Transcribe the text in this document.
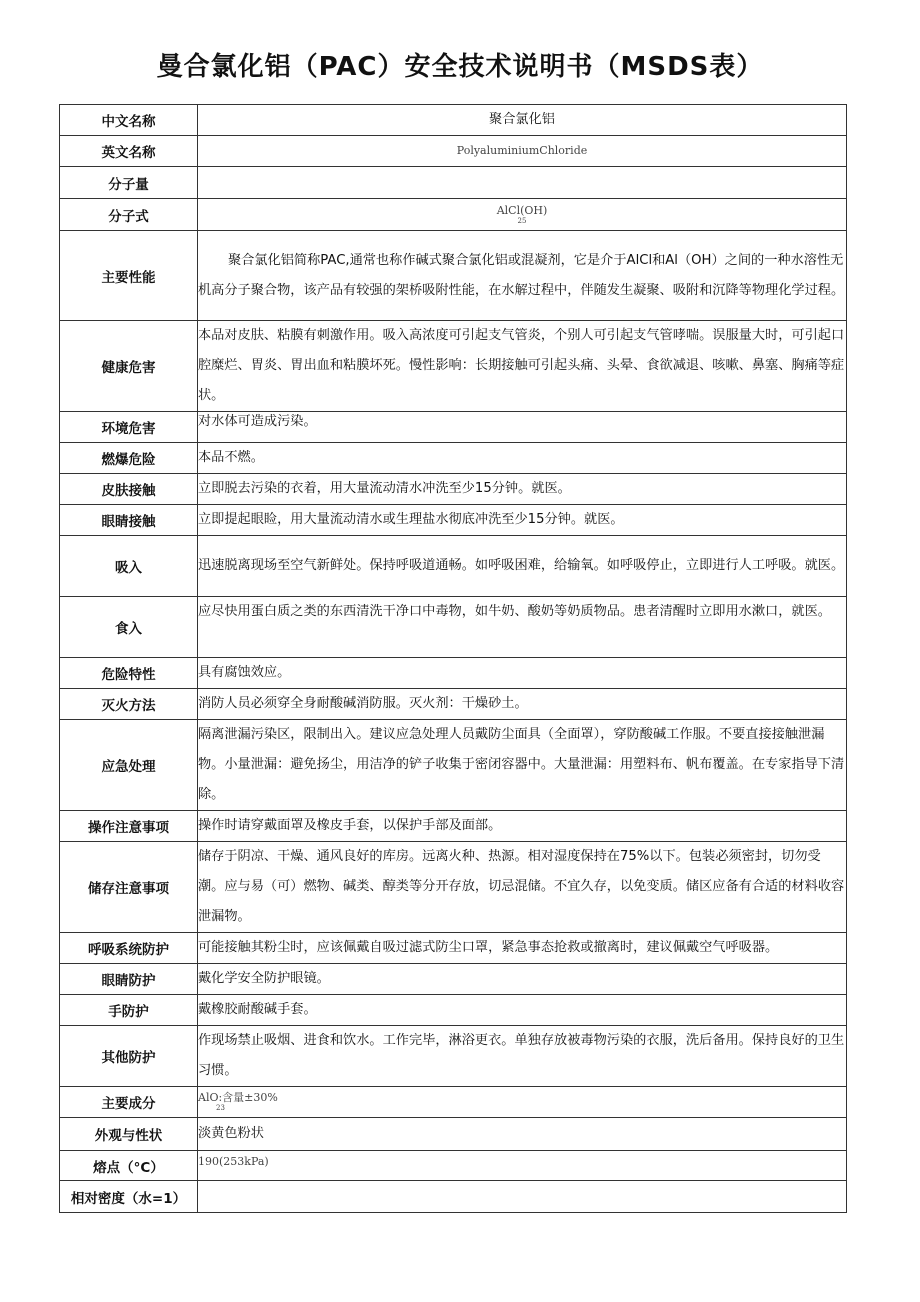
曼合氯化铝（PAC）安全技术说明书（MSDS表）
中文名称	聚合氯化铝
英文名称	PolyaluminiumChloride
分子量	
分子式	AlCl(OH)
25

主要性能	聚合氯化铝简称PAC,通常也称作碱式聚合氯化铝或混凝剂，它是介于AlCl和Al（OH）之间的一种水溶性无机高分子聚合物，该产品有较强的架桥吸附性能，在水解过程中，伴随发生凝聚、吸附和沉降等物理化学过程。
健康危害	本品对皮肤、粘膜有刺激作用。吸入高浓度可引起支气管炎，个别人可引起支气管哮喘。误服量大时，可引起口腔糜烂、胃炎、胃出血和粘膜坏死。慢性影响：长期接触可引起头痛、头晕、食欲减退、咳嗽、鼻塞、胸痛等症状。
环境危害	对水体可造成污染。
燃爆危险	本品不燃。
皮肤接触	立即脱去污染的衣着，用大量流动清水冲洗至少15分钟。就医。
眼睛接触	立即提起眼睑，用大量流动清水或生理盐水彻底冲洗至少15分钟。就医。
吸入	迅速脱离现场至空气新鲜处。保持呼吸道通畅。如呼吸困难，给输氧。如呼吸停止，立即进行人工呼吸。就医。
食入	应尽快用蛋白质之类的东西清洗干净口中毒物，如牛奶、酸奶等奶质物品。患者清醒时立即用水漱口，就医。
危险特性	具有腐蚀效应。
灭火方法	消防人员必须穿全身耐酸碱消防服。灭火剂：干燥砂土。
应急处理	隔离泄漏污染区，限制出入。建议应急处理人员戴防尘面具（全面罩），穿防酸碱工作服。不要直接接触泄漏物。小量泄漏：避免扬尘，用洁净的铲子收集于密闭容器中。大量泄漏：用塑料布、帆布覆盖。在专家指导下清除。
操作注意事项	操作时请穿戴面罩及橡皮手套，以保护手部及面部。
储存注意事项	储存于阴凉、干燥、通风良好的库房。远离火种、热源。相对湿度保持在75%以下。包装必须密封，切勿受潮。应与易（可）燃物、碱类、醇类等分开存放，切忌混储。不宜久存，以免变质。储区应备有合适的材料收容泄漏物。
呼吸系统防护	可能接触其粉尘时，应该佩戴自吸过滤式防尘口罩，紧急事态抢救或撤离时，建议佩戴空气呼吸器。
眼睛防护	戴化学安全防护眼镜。
手防护	戴橡胶耐酸碱手套。
其他防护	作现场禁止吸烟、进食和饮水。工作完毕，淋浴更衣。单独存放被毒物污染的衣服，洗后备用。保持良好的卫生习惯。
主要成分	AlO:含量±30%
23

外观与性状	淡黄色粉状
熔点（°C）	190(253kPa)
相对密度（水=1）	
